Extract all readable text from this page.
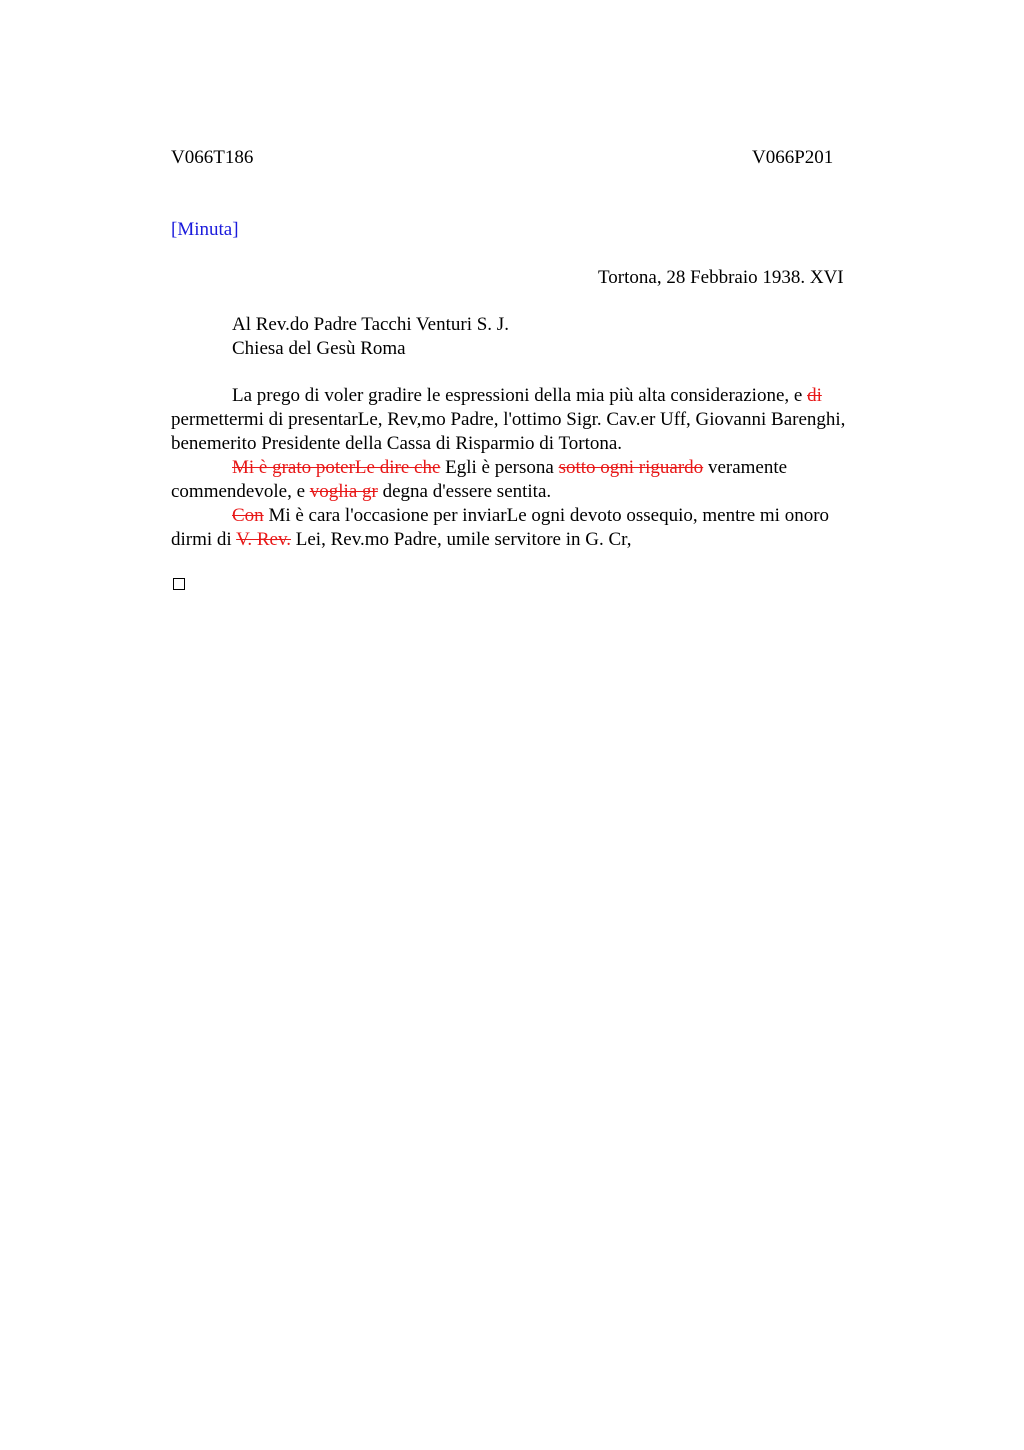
V066T186	V066P201
[Minuta]
Tortona, 28 Febbraio 1938. XVI
Al Rev.do Padre Tacchi Venturi S. J.
Chiesa del Gesù Roma

La prego di voler gradire le espressioni della mia più alta considerazione, e di
permettermi di presentarLe, Rev,mo Padre, l'ottimo Sigr. Cav.er Uff, Giovanni Barenghi,
benemerito Presidente della Cassa di Risparmio di Tortona.

Mi è grato poterLe dire che Egli è persona sotto ogni riguardo veramente
commendevole, e voglia gr degna d'essere sentita.

Con Mi è cara l'occasione per inviarLe ogni devoto ossequio, mentre mi onoro
dirmi di V. Rev. Lei, Rev.mo Padre, umile servitore in G. Cr,
